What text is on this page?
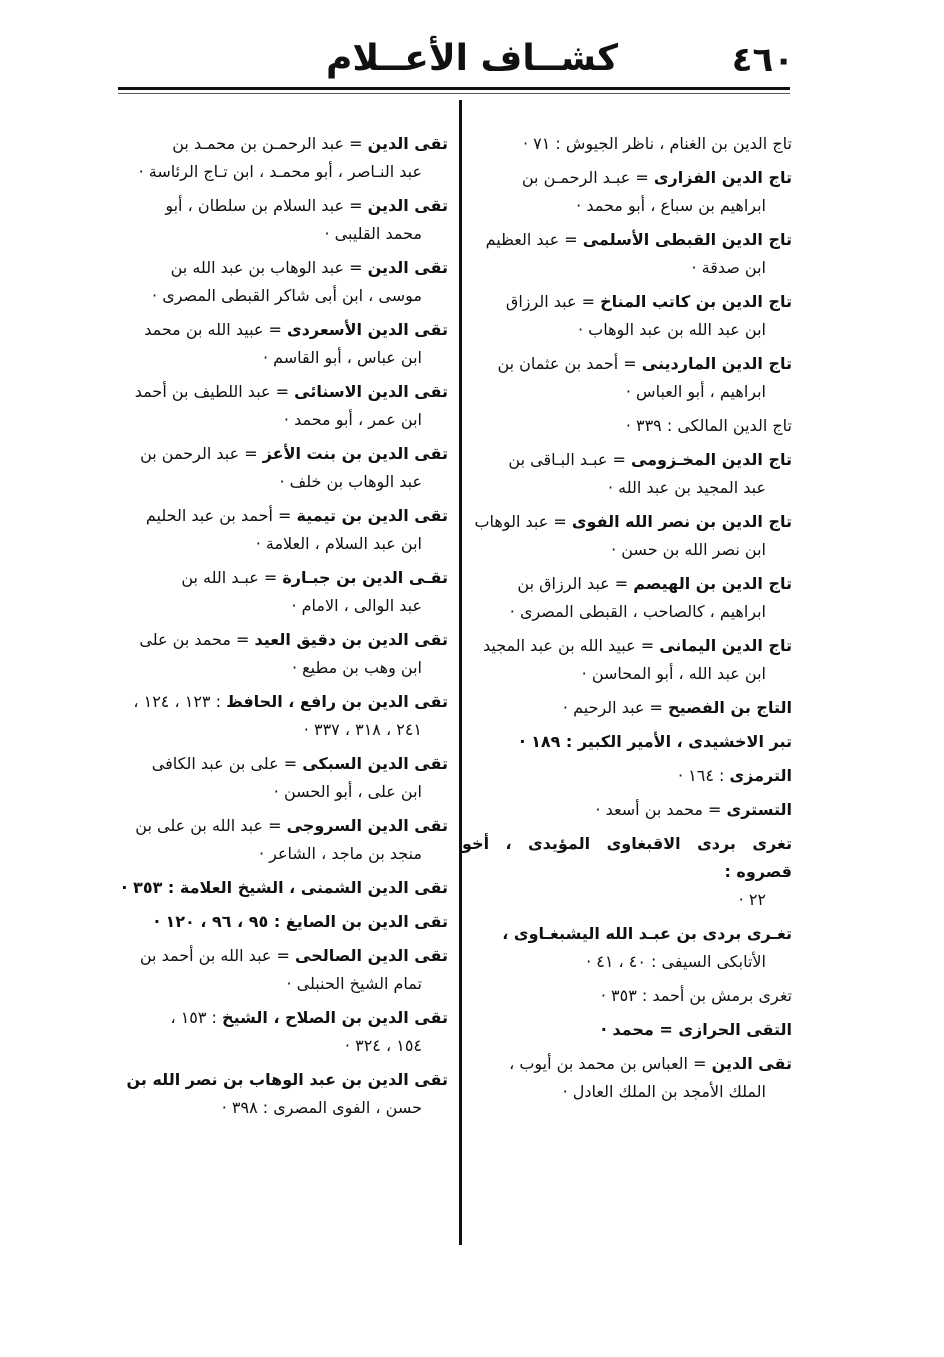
٤٦٠
كشــاف الأعــلام
تاج الدين بن الغنام ، ناظر الجيوش : ٧١ ·
تاج الدين الفزارى = عبـد الرحمـن بن
ابراهيم بن سباع ، أبو محمد ·
تاج الدين القبطى الأسلمى = عبد العظيم
ابن صدقة ·
تاج الدين بن كاتب المناخ = عبد الرزاق
ابن عبد الله بن عبد الوهاب ·
تاج الدين الماردينى = أحمد بن عثمان بن
ابراهيم ، أبو العباس ·
تاج الدين المالكى : ٣٣٩ ·
تاج الدين المخـزومى = عبـد البـاقى بن
عبد المجيد بن عبد الله ·
تاج الدين بن نصر الله الفوى = عبد الوهاب
ابن نصر الله بن حسن ·
تاج الدين بن الهيصم = عبد الرزاق بن
ابراهيم ، كالصاحب ، القبطى المصرى ·
تاج الدين اليمانى = عبيد الله بن عبد المجيد
ابن عبد الله ، أبو المحاسن ·
التاج بن الفصيح = عبد الرحيم ·
تبر الاخشيدى ، الأمير الكبير : ١٨٩ ·
الترمزى : ١٦٤ ·
التسترى = محمد بن أسعد ·
تغرى بردى الاقبغاوى المؤيدى ، أخو قصروه :
٢٢ ·
تغـرى بردى بن عبـد الله اليشبغـاوى ،
الأتابكى السيفى : ٤٠ ، ٤١ ·
تغرى برمش بن أحمد : ٣٥٣ ·
التقى الحرازى = محمد ·
تقى الدين = العباس بن محمد بن أيوب ،
الملك الأمجد بن الملك العادل ·
تقى الدين = عبد الرحمـن بن محمـد بن
عبد النـاصر ، أبو محمـد ، ابن تـاج الرئاسة ·
تقى الدين = عبد السلام بن سلطان ، أبو
محمد القليبى ·
تقى الدين = عبد الوهاب بن عبد الله بن
موسى ، ابن أبى شاكر القبطى المصرى ·
تقى الدين الأسعردى = عبيد الله بن محمد
ابن عباس ، أبو القاسم ·
تقى الدين الاسنائى = عبد اللطيف بن أحمد
ابن عمر ، أبو محمد ·
تقى الدين بن بنت الأعز = عبد الرحمن بن
عبد الوهاب بن خلف ·
تقى الدين بن تيمية = أحمد بن عبد الحليم
ابن عبد السلام ، العلامة ·
تقـى الدين بن جبـارة = عبـد الله بن
عبد الوالى ، الامام ·
تقى الدين بن دقيق العيد = محمد بن على
ابن وهب بن مطيع ·
تقى الدين بن رافع ، الحافظ : ١٢٣ ، ١٢٤ ،
٢٤١ ، ٣١٨ ، ٣٣٧ ·
تقى الدين السبكى = على بن عبد الكافى
ابن على ، أبو الحسن ·
تقى الدين السروجى = عبد الله بن على بن
منجد بن ماجد ، الشاعر ·
تقى الدين الشمنى ، الشيخ العلامة : ٣٥٣ ·
تقى الدين بن الصايغ : ٩٥ ، ٩٦ ، ١٢٠ ·
تقى الدين الصالحى = عبد الله بن أحمد بن
تمام الشيخ الحنبلى ·
تقى الدين بن الصلاح ، الشيخ : ١٥٣ ،
١٥٤ ، ٣٢٤ ·
تقى الدين بن عبد الوهاب بن نصر الله بن
حسن ، الفوى المصرى : ٣٩٨ ·
